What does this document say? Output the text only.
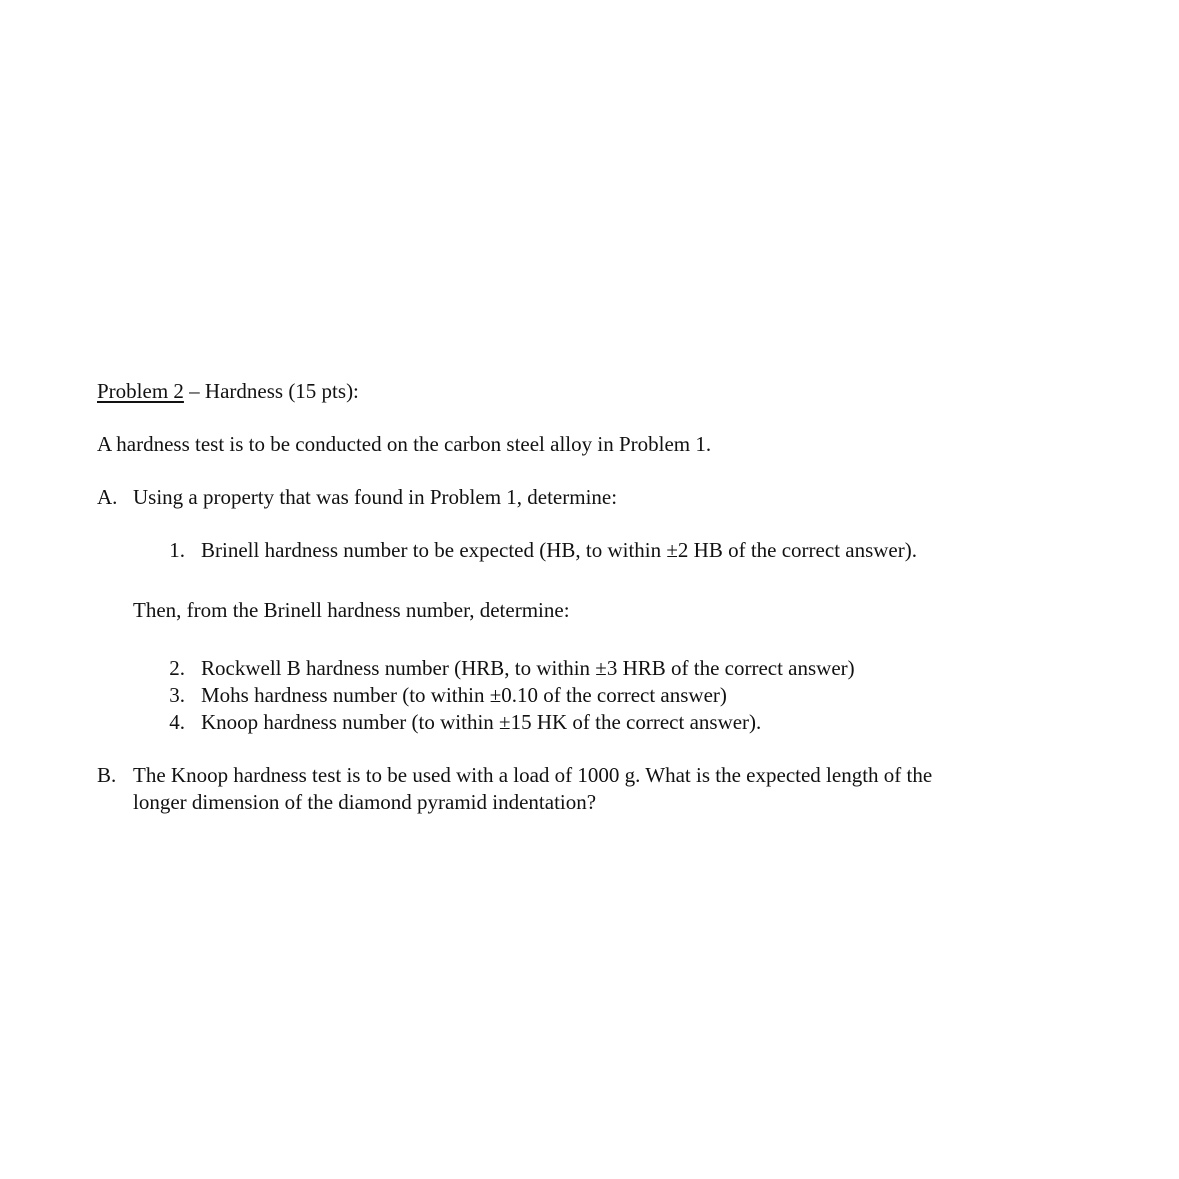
Problem 2 – Hardness (15 pts):
A hardness test is to be conducted on the carbon steel alloy in Problem 1.
A. Using a property that was found in Problem 1, determine:
1. Brinell hardness number to be expected (HB, to within ±2 HB of the correct answer).
Then, from the Brinell hardness number, determine:
2. Rockwell B hardness number (HRB, to within ±3 HRB of the correct answer)
3. Mohs hardness number (to within ±0.10 of the correct answer)
4. Knoop hardness number (to within ±15 HK of the correct answer).
B. The Knoop hardness test is to be used with a load of 1000 g. What is the expected length of the
longer dimension of the diamond pyramid indentation?
